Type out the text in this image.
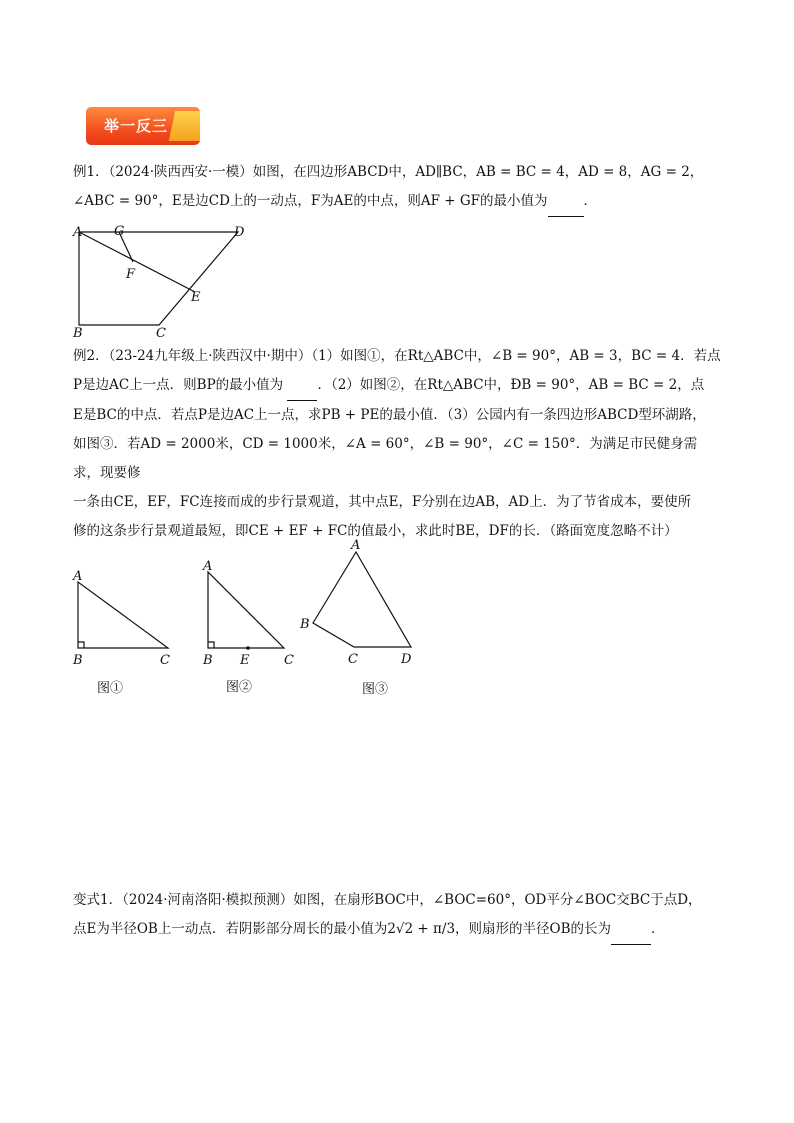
举一反三

例1．（2024·陕西西安·一模）如图，在四边形ABCD中，AD∥BC，AB = BC = 4，AD = 8，AG = 2，

∠ABC = 90°，E是边CD上的一动点，F为AE的中点，则AF + GF的最小值为	．

A G	D
F
E
B	C

例2．（23-24九年级上·陕西汉中·期中）（1）如图①，在Rt△ABC中，∠B = 90°，AB = 3，BC = 4．若点

P是边AC上一点．则BP的最小值为	．（2）如图②，在Rt△ABC中，ÐB = 90°，AB = BC = 2，点

E是BC的中点．若点P是边AC上一点，求PB + PE的最小值．（3）公园内有一条四边形ABCD型环湖路，

如图③．若AD = 2000米，CD = 1000米，∠A = 60°，∠B = 90°，∠C = 150°．为满足市民健身需求，现要修

一条由CE，EF，FC连接而成的步行景观道，其中点E，F分别在边AB，AD上．为了节省成本，要使所

修的这条步行景观道最短，即CE + EF + FC的值最小，求此时BE，DF的长．（路面宽度忽略不计）

A
B	C
图①
A
B E	C
图②
A
B
C	D
图③

变式1．（2024·河南洛阳·模拟预测）如图，在扇形BOC中，∠BOC=60°，OD平分∠BOC交BC于点D，

点E为半径OB上一动点．若阴影部分周长的最小值为2√2 + π/3，则扇形的半径OB的长为	．
